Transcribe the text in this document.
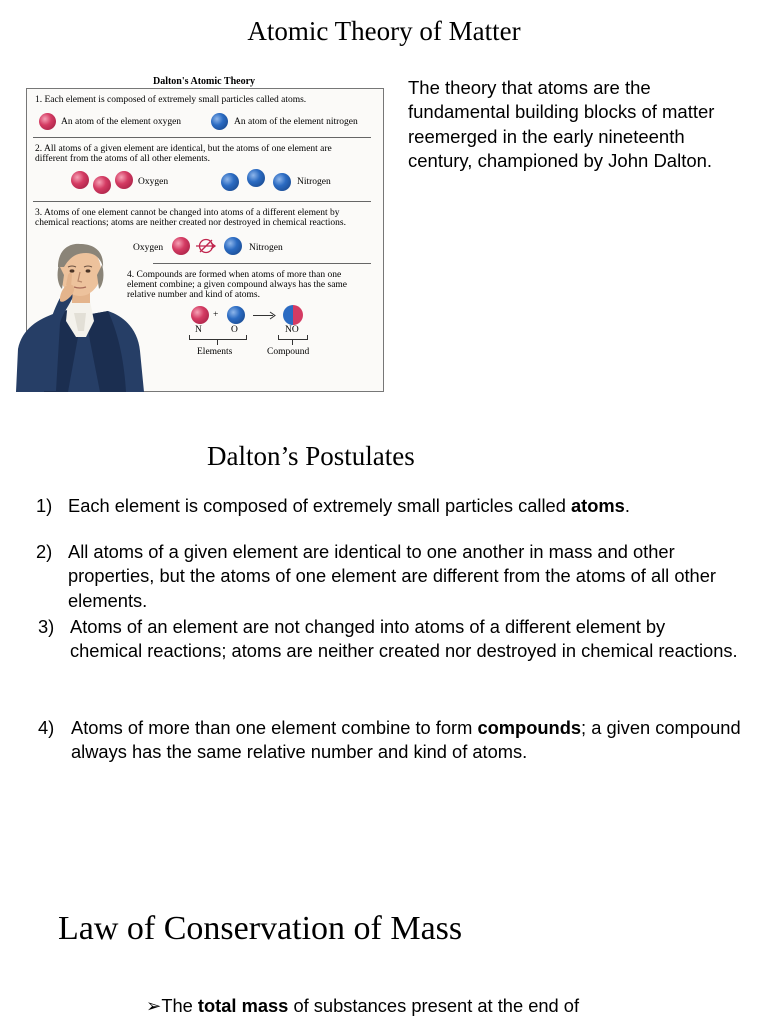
Atomic Theory of Matter
Dalton's Atomic Theory
1. Each element is composed of extremely small particles called atoms.
An atom of the element oxygen	An atom of the element nitrogen
2. All atoms of a given element are identical, but the atoms of one element are different from the atoms of all other elements.
Oxygen	Nitrogen
3. Atoms of one element cannot be changed into atoms of a different element by chemical reactions; atoms are neither created nor destroyed in chemical reactions.
Oxygen	Nitrogen
4. Compounds are formed when atoms of more than one element combine; a given compound always has the same relative number and kind of atoms.
+
N	O	NO
Elements	Compound
The theory that atoms are the fundamental building blocks of matter reemerged in the early nineteenth century, championed by John Dalton.
Dalton’s Postulates
1) Each element is composed of extremely small particles called atoms.
2) All atoms of a given element are identical to one another in mass and other properties, but the atoms of one element are different from the atoms of all other elements.
3) Atoms of an element are not changed into atoms of a different element by chemical reactions; atoms are neither created nor destroyed in chemical reactions.
4) Atoms of more than one element combine to form compounds; a given compound always has the same relative number and kind of atoms.
Law of Conservation of Mass
➢The total mass of substances present at the end of
